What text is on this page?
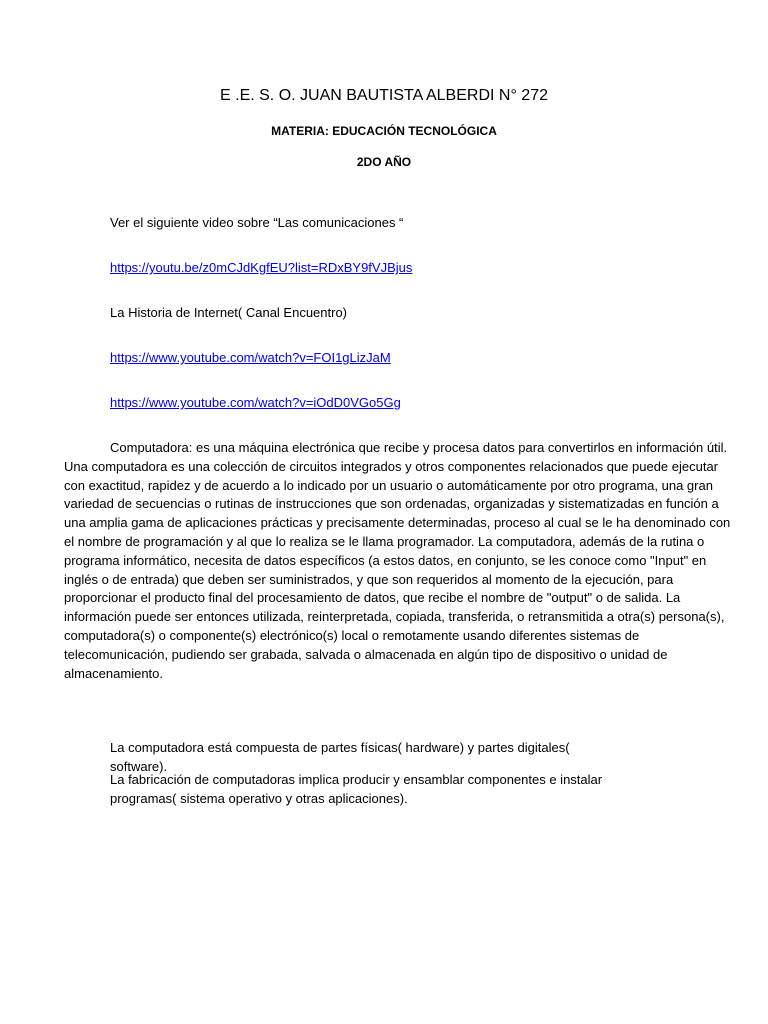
E .E. S. O. JUAN BAUTISTA ALBERDI N° 272
MATERIA: EDUCACIÓN TECNOLÓGICA
2DO AÑO
Ver el siguiente video sobre “Las comunicaciones “
https://youtu.be/z0mCJdKgfEU?list=RDxBY9fVJBjus
La Historia de Internet( Canal Encuentro)
https://www.youtube.com/watch?v=FOI1gLizJaM
https://www.youtube.com/watch?v=iOdD0VGo5Gg

Computadora: es una máquina electrónica que recibe y procesa datos para convertirlos en información útil. Una computadora es una colección de circuitos integrados y otros componentes relacionados que puede ejecutar con exactitud, rapidez y de acuerdo a lo indicado por un usuario o automáticamente por otro programa, una gran variedad de secuencias o rutinas de instrucciones que son ordenadas, organizadas y sistematizadas en función a una amplia gama de aplicaciones prácticas y precisamente determinadas, proceso al cual se le ha denominado con el nombre de programación y al que lo realiza se le llama programador. La computadora, además de la rutina o programa informático, necesita de datos específicos (a estos datos, en conjunto, se les conoce como "Input" en inglés o de entrada) que deben ser suministrados, y que son requeridos al momento de la ejecución, para proporcionar el producto final del procesamiento de datos, que recibe el nombre de "output" o de salida. La información puede ser entonces utilizada, reinterpretada, copiada, transferida, o retransmitida a otra(s) persona(s), computadora(s) o componente(s) electrónico(s) local o remotamente usando diferentes sistemas de telecomunicación, pudiendo ser grabada, salvada o almacenada en algún tipo de dispositivo o unidad de almacenamiento.

La computadora está compuesta de partes físicas( hardware) y partes digitales( software).

La fabricación de computadoras implica producir y ensamblar componentes e instalar programas( sistema operativo y otras aplicaciones).
